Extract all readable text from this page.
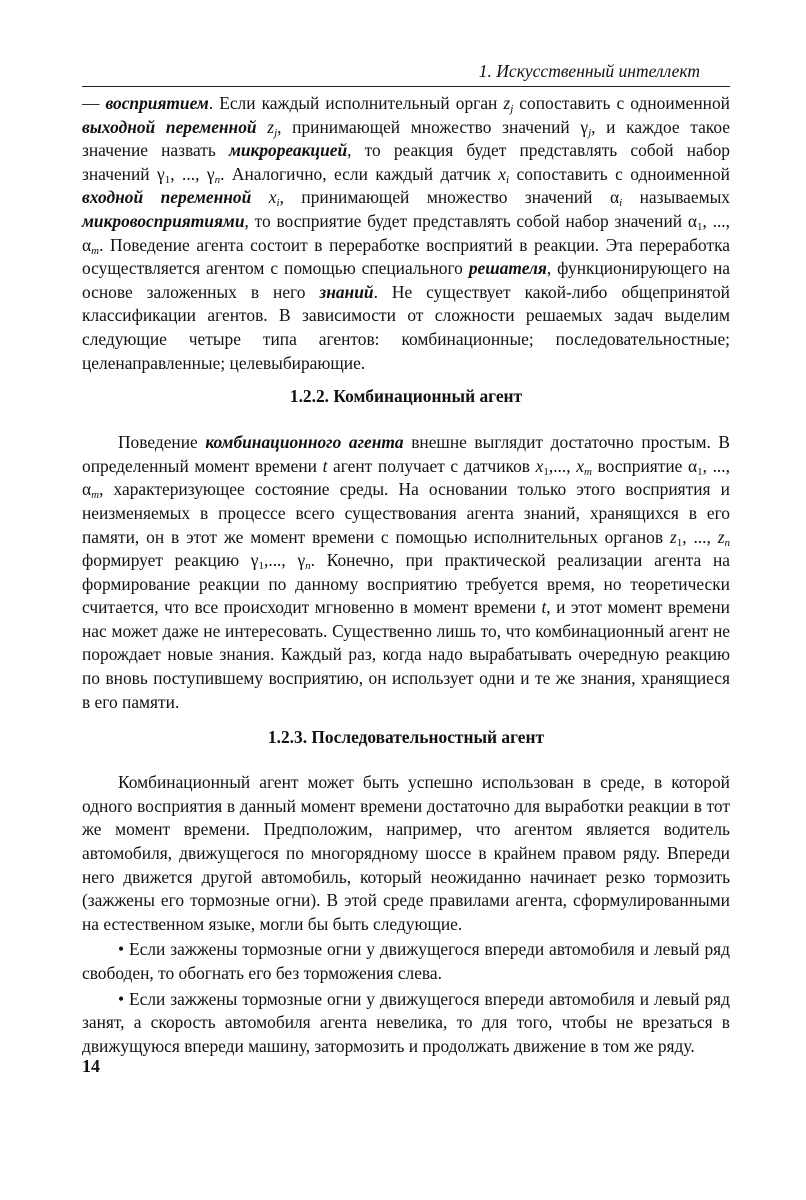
1. Искусственный интеллект

— восприятием. Если каждый исполнительный орган $z_j$ сопоставить с одноименной выходной переменной $z_j$, принимающей множество значений $\gamma_j$, и каждое такое значение назвать микрореакцией, то реакция будет представлять собой набор значений $\gamma_1$, ..., $\gamma_n$. Аналогично, если каждый датчик $x_i$ сопоставить с одноименной входной переменной $x_i$, принимающей множество значений $\alpha_i$ называемых микровосприятиями, то восприятие будет представлять собой набор значений $\alpha_1$, ..., $\alpha_m$. Поведение агента состоит в переработке восприятий в реакции. Эта переработка осуществляется агентом с помощью специального решателя, функционирующего на основе заложенных в него знаний. Не существует какой-либо общепринятой классификации агентов. В зависимости от сложности решаемых задач выделим следующие четыре типа агентов: комбинационные; последовательностные; целенаправленные; целевыбирающие.

1.2.2. Комбинационный агент

Поведение комбинационного агента внешне выглядит достаточно простым. В определенный момент времени t агент получает с датчиков $x_1$,..., $x_m$ восприятие $\alpha_1$, ..., $\alpha_m$, характеризующее состояние среды. На основании только этого восприятия и неизменяемых в процессе всего существования агента знаний, хранящихся в его памяти, он в этот же момент времени с помощью исполнительных органов $z_1$, ..., $z_n$ формирует реакцию $\gamma_1$,..., $\gamma_n$. Конечно, при практической реализации агента на формирование реакции по данному восприятию требуется время, но теоретически считается, что все происходит мгновенно в момент времени t, и этот момент времени нас может даже не интересовать. Существенно лишь то, что комбинационный агент не порождает новые знания. Каждый раз, когда надо вырабатывать очередную реакцию по вновь поступившему восприятию, он использует одни и те же знания, хранящиеся в его памяти.

1.2.3. Последовательностный агент

Комбинационный агент может быть успешно использован в среде, в которой одного восприятия в данный момент времени достаточно для выработки реакции в тот же момент времени. Предположим, например, что агентом является водитель автомобиля, движущегося по многорядному шоссе в крайнем правом ряду. Впереди него движется другой автомобиль, который неожиданно начинает резко тормозить (зажжены его тормозные огни). В этой среде правилами агента, сформулированными на естественном языке, могли бы быть следующие.

• Если зажжены тормозные огни у движущегося впереди автомобиля и левый ряд свободен, то обогнать его без торможения слева.

• Если зажжены тормозные огни у движущегося впереди автомобиля и левый ряд занят, а скорость автомобиля агента невелика, то для того, чтобы не врезаться в движущуюся впереди машину, затормозить и продолжать движение в том же ряду.

14
